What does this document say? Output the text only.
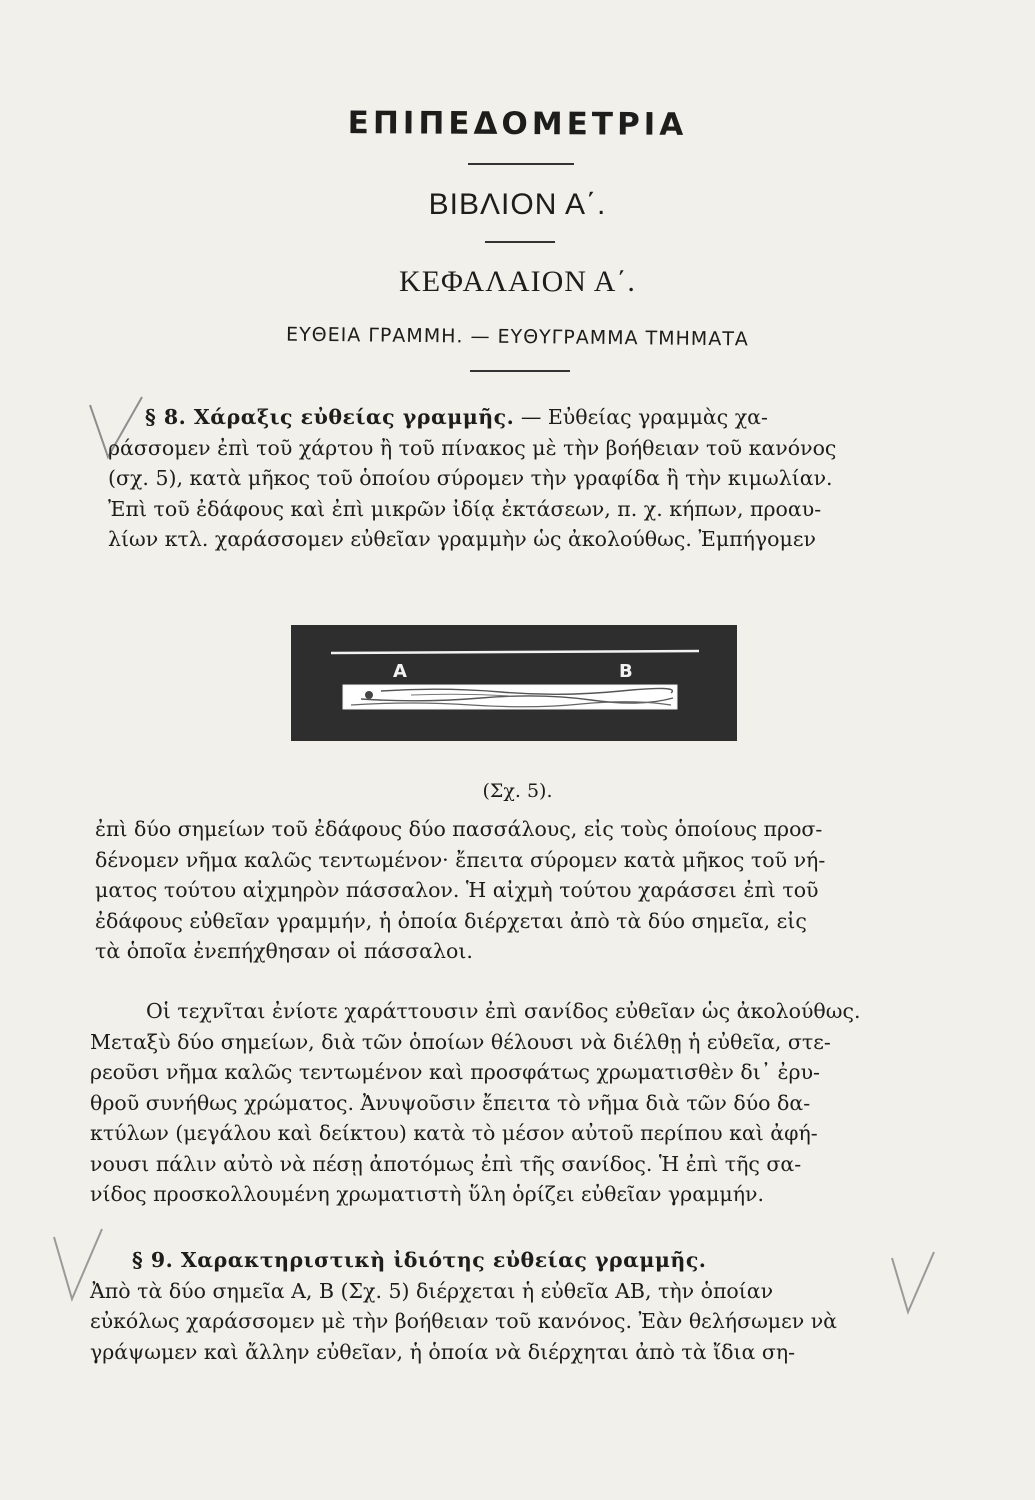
ΕΠΙΠΕΔΟΜΕΤΡΙΑ
ΒΙΒΛΙΟΝ Α΄.
ΚΕΦΑΛΑΙΟΝ Α΄.
ΕΥΘΕΙΑ ΓΡΑΜΜΗ. — ΕΥΘΥΓΡΑΜΜΑ ΤΜΗΜΑΤΑ
§ 8. Χάραξις εὐθείας γραμμῆς. — Εὐθείας γραμμὰς χα-
ράσσομεν ἐπὶ τοῦ χάρτου ἢ τοῦ πίνακος μὲ τὴν βοήθειαν τοῦ κανόνος
(σχ. 5), κατὰ μῆκος τοῦ ὁποίου σύρομεν τὴν γραφίδα ἢ τὴν κιμωλίαν.
Ἐπὶ τοῦ ἐδάφους καὶ ἐπὶ μικρῶν ἰδίᾳ ἐκτάσεων, π. χ. κήπων, προαυ-
λίων κτλ. χαράσσομεν εὐθεῖαν γραμμὴν ὡς ἀκολούθως. Ἐμπήγομεν
A	B
(Σχ. 5).
ἐπὶ δύο σημείων τοῦ ἐδάφους δύο πασσάλους, εἰς τοὺς ὁποίους προσ-
δένομεν νῆμα καλῶς τεντωμένον· ἔπειτα σύρομεν κατὰ μῆκος τοῦ νή-
ματος τούτου αἰχμηρὸν πάσσαλον. Ἡ αἰχμὴ τούτου χαράσσει ἐπὶ τοῦ
ἐδάφους εὐθεῖαν γραμμήν, ἡ ὁποία διέρχεται ἀπὸ τὰ δύο σημεῖα, εἰς
τὰ ὁποῖα ἐνεπήχθησαν οἱ πάσσαλοι.
Οἱ τεχνῖται ἐνίοτε χαράττουσιν ἐπὶ σανίδος εὐθεῖαν ὡς ἀκολούθως.
Μεταξὺ δύο σημείων, διὰ τῶν ὁποίων θέλουσι νὰ διέλθῃ ἡ εὐθεῖα, στε-
ρεοῦσι νῆμα καλῶς τεντωμένον καὶ προσφάτως χρωματισθὲν δι᾽ ἐρυ-
θροῦ συνήθως χρώματος. Ἀνυψοῦσιν ἔπειτα τὸ νῆμα διὰ τῶν δύο δα-
κτύλων (μεγάλου καὶ δείκτου) κατὰ τὸ μέσον αὐτοῦ περίπου καὶ ἀφή-
νουσι πάλιν αὐτὸ νὰ πέσῃ ἀποτόμως ἐπὶ τῆς σανίδος. Ἡ ἐπὶ τῆς σα-
νίδος προσκολλουμένη χρωματιστὴ ὕλη ὁρίζει εὐθεῖαν γραμμήν.
§ 9. Χαρακτηριστικὴ ἰδιότης εὐθείας γραμμῆς.
Ἀπὸ τὰ δύο σημεῖα Α, Β (Σχ. 5) διέρχεται ἡ εὐθεῖα ΑΒ, τὴν ὁποίαν
εὐκόλως χαράσσομεν μὲ τὴν βοήθειαν τοῦ κανόνος. Ἐὰν θελήσωμεν νὰ
γράψωμεν καὶ ἄλλην εὐθεῖαν, ἡ ὁποία νὰ διέρχηται ἀπὸ τὰ ἴδια ση-
